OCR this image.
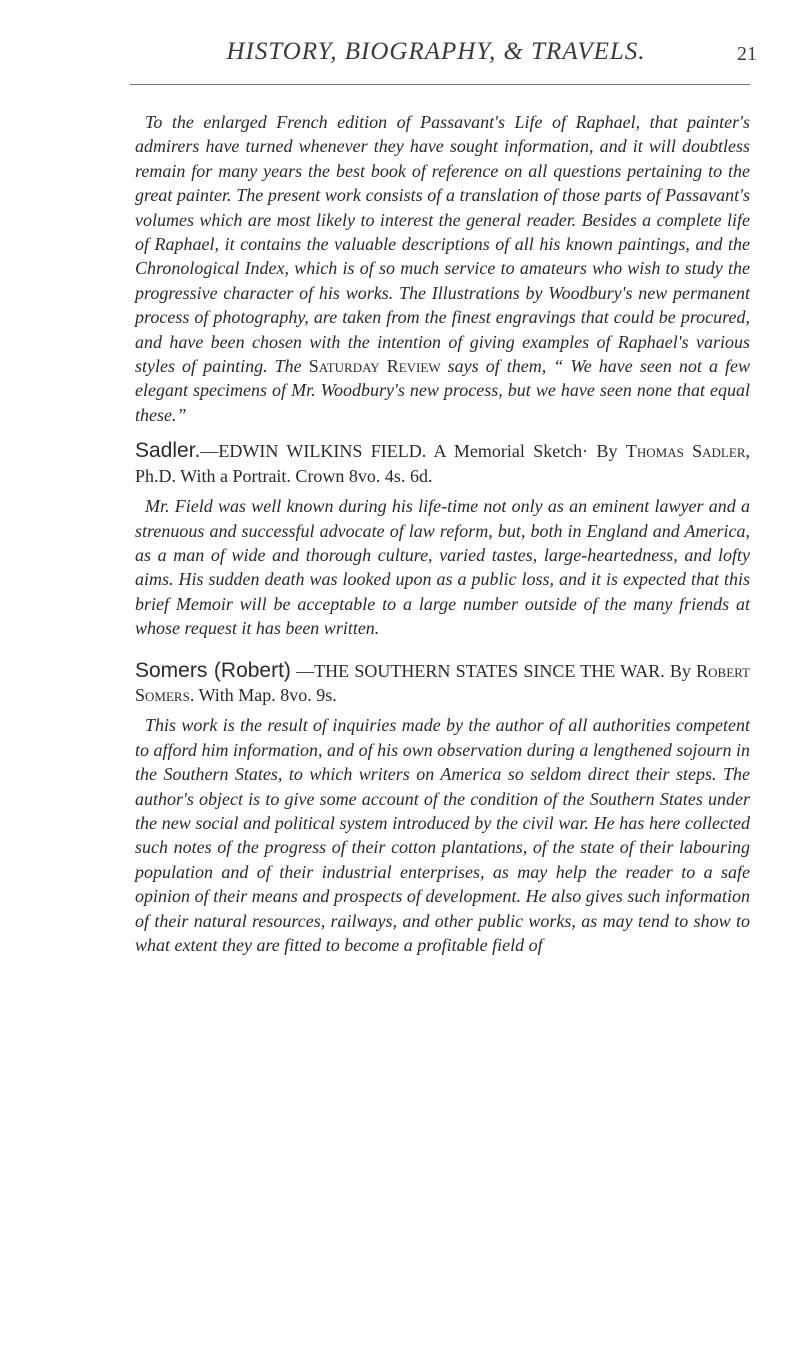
HISTORY, BIOGRAPHY, & TRAVELS.	21

To the enlarged French edition of Passavant's Life of Raphael, that painter's admirers have turned whenever they have sought information, and it will doubtless remain for many years the best book of reference on all questions pertaining to the great painter. The present work consists of a translation of those parts of Passavant's volumes which are most likely to interest the general reader. Besides a complete life of Raphael, it contains the valuable descriptions of all his known paintings, and the Chronological Index, which is of so much service to amateurs who wish to study the progressive character of his works. The Illustrations by Woodbury's new permanent process of photography, are taken from the finest engravings that could be procured, and have been chosen with the intention of giving examples of Raphael's various styles of painting. The Saturday Review says of them, “ We have seen not a few elegant specimens of Mr. Woodbury's new process, but we have seen none that equal these.”

Sadler.—EDWIN WILKINS FIELD. A Memorial Sketch· By Thomas Sadler, Ph.D. With a Portrait. Crown 8vo. 4s. 6d.

Mr. Field was well known during his life-time not only as an eminent lawyer and a strenuous and successful advocate of law reform, but, both in England and America, as a man of wide and thorough culture, varied tastes, large-heartedness, and lofty aims. His sudden death was looked upon as a public loss, and it is expected that this brief Memoir will be acceptable to a large number outside of the many friends at whose request it has been written.

Somers (Robert) —THE SOUTHERN STATES SINCE THE WAR. By Robert Somers. With Map. 8vo. 9s.

This work is the result of inquiries made by the author of all authorities competent to afford him information, and of his own observation during a lengthened sojourn in the Southern States, to which writers on America so seldom direct their steps. The author's object is to give some account of the condition of the Southern States under the new social and political system introduced by the civil war. He has here collected such notes of the progress of their cotton plantations, of the state of their labouring population and of their industrial enterprises, as may help the reader to a safe opinion of their means and prospects of development. He also gives such information of their natural resources, railways, and other public works, as may tend to show to what extent they are fitted to become a profitable field of
